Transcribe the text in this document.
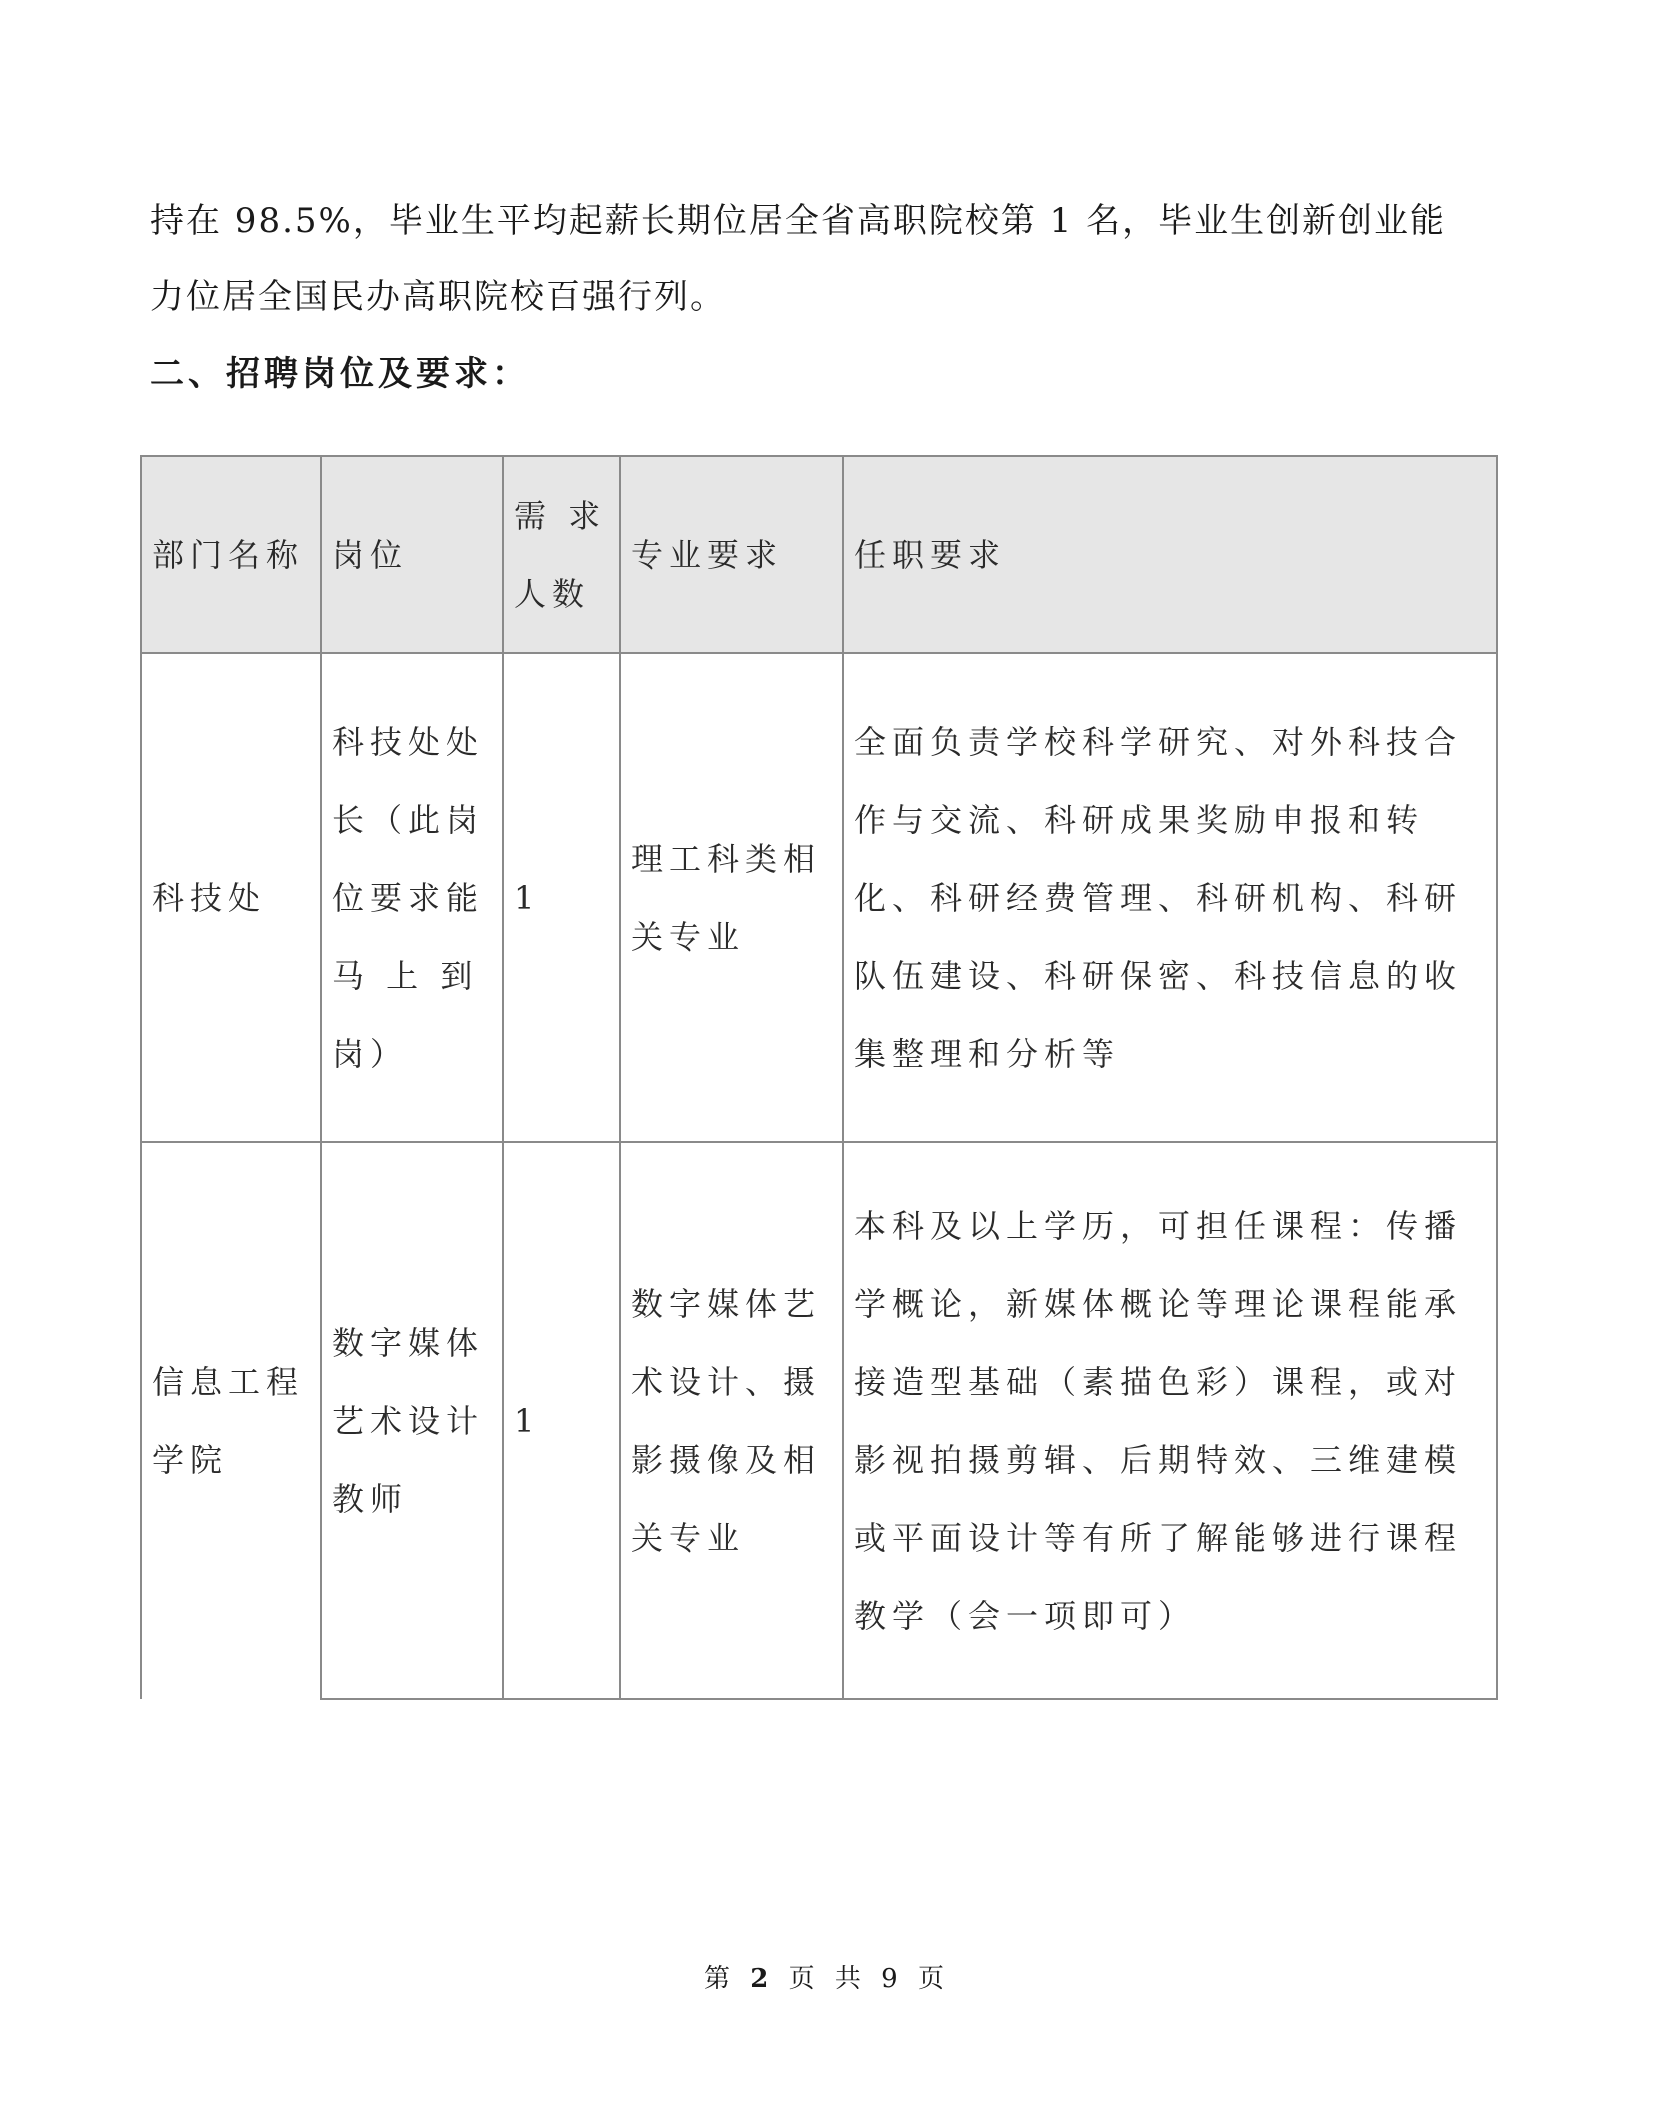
持在 98.5%，毕业生平均起薪长期位居全省高职院校第 1 名，毕业生创新创业能
力位居全国民办高职院校百强行列。
二、招聘岗位及要求：
部门名称	岗位	需 求 人数	专业要求	任职要求
科技处	科技处处长（此岗位要求能马 上 到岗）	1	理工科类相关专业	全面负责学校科学研究、对外科技合作与交流、科研成果奖励申报和转化、科研经费管理、科研机构、科研队伍建设、科研保密、科技信息的收集整理和分析等
信息工程学院	数字媒体艺术设计教师	1	数字媒体艺术设计、摄影摄像及相关专业	本科及以上学历，可担任课程：传播学概论，新媒体概论等理论课程能承接造型基础（素描色彩）课程，或对影视拍摄剪辑、后期特效、三维建模或平面设计等有所了解能够进行课程教学（会一项即可）
第 2 页 共 9 页
